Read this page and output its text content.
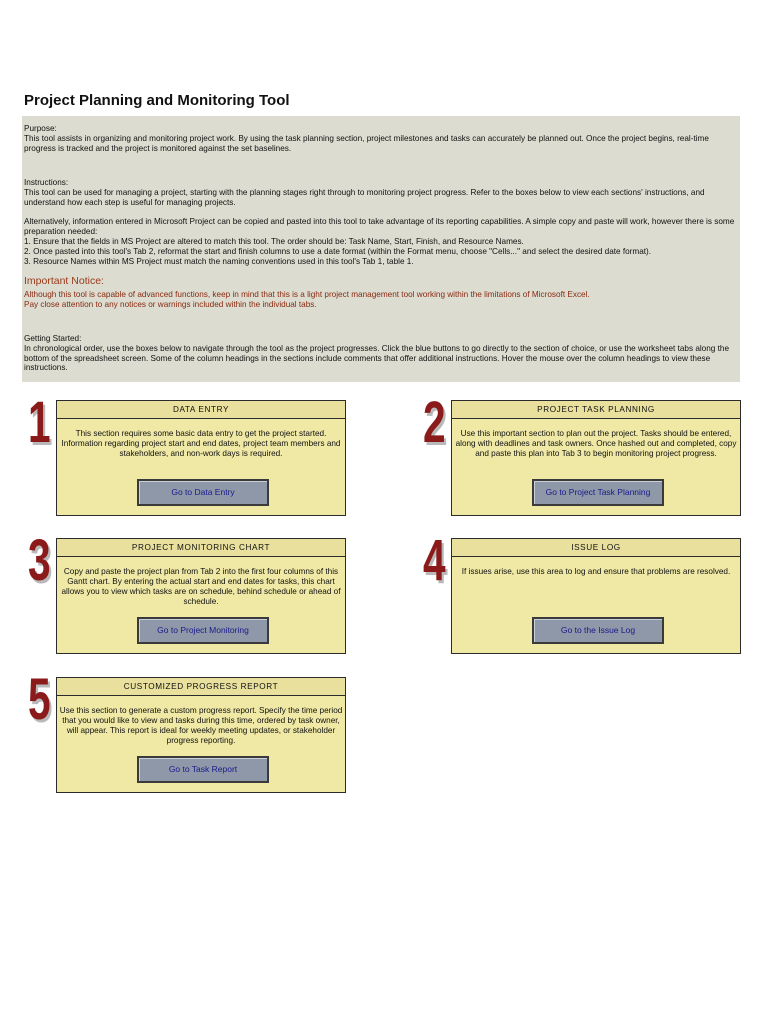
Project Planning and Monitoring Tool

Purpose:

This tool assists in organizing and monitoring project work. By using the task planning section, project milestones and tasks can accurately be planned out. Once the project begins, real-time progress is tracked and the project is monitored against the set baselines.

Instructions:

This tool can be used for managing a project, starting with the planning stages right through to monitoring project progress. Refer to the boxes below to view each sections' instructions, and understand how each step is useful for managing projects.

Alternatively, information entered in Microsoft Project can be copied and pasted into this tool to take advantage of its reporting capabilities. A simple copy and paste will work, however there is some preparation needed:

1. Ensure that the fields in MS Project are altered to match this tool. The order should be: Task Name, Start, Finish, and Resource Names.

2. Once pasted into this tool's Tab 2, reformat the start and finish columns to use a date format (within the Format menu, choose "Cells..." and select the desired date format).

3. Resource Names within MS Project must match the naming conventions used in this tool's Tab 1, table 1.

Important Notice:

Although this tool is capable of advanced functions, keep in mind that this is a light project management tool working within the limitations of Microsoft Excel.

Pay close attention to any notices or warnings included within the individual tabs.

Getting Started:

In chronological order, use the boxes below to navigate through the tool as the project progresses. Click the blue buttons to go directly to the section of choice, or use the worksheet tabs along the bottom of the spreadsheet screen. Some of the column headings in the sections include comments that offer additional instructions. Hover the mouse over the column headings to view these instructions.

1	DATA ENTRY
This section requires some basic data entry to get the project started. Information regarding project start and end dates, project team members and stakeholders, and non-work days is required.
Go to Data Entry
2	PROJECT TASK PLANNING
Use this important section to plan out the project. Tasks should be entered, along with deadlines and task owners. Once hashed out and completed, copy and paste this plan into Tab 3 to begin monitoring project progress.
Go to Project Task Planning
3	PROJECT MONITORING CHART
Copy and paste the project plan from Tab 2 into the first four columns of this Gantt chart. By entering the actual start and end dates for tasks, this chart allows you to view which tasks are on schedule, behind schedule or ahead of schedule.
Go to Project Monitoring
4	ISSUE LOG
If issues arise, use this area to log and ensure that problems are resolved.
Go to the Issue Log
5	CUSTOMIZED PROGRESS REPORT
Use this section to generate a custom progress report. Specify the time period that you would like to view and tasks during this time, ordered by task owner, will appear. This report is ideal for weekly meeting updates, or stakeholder progress reporting.
Go to Task Report
